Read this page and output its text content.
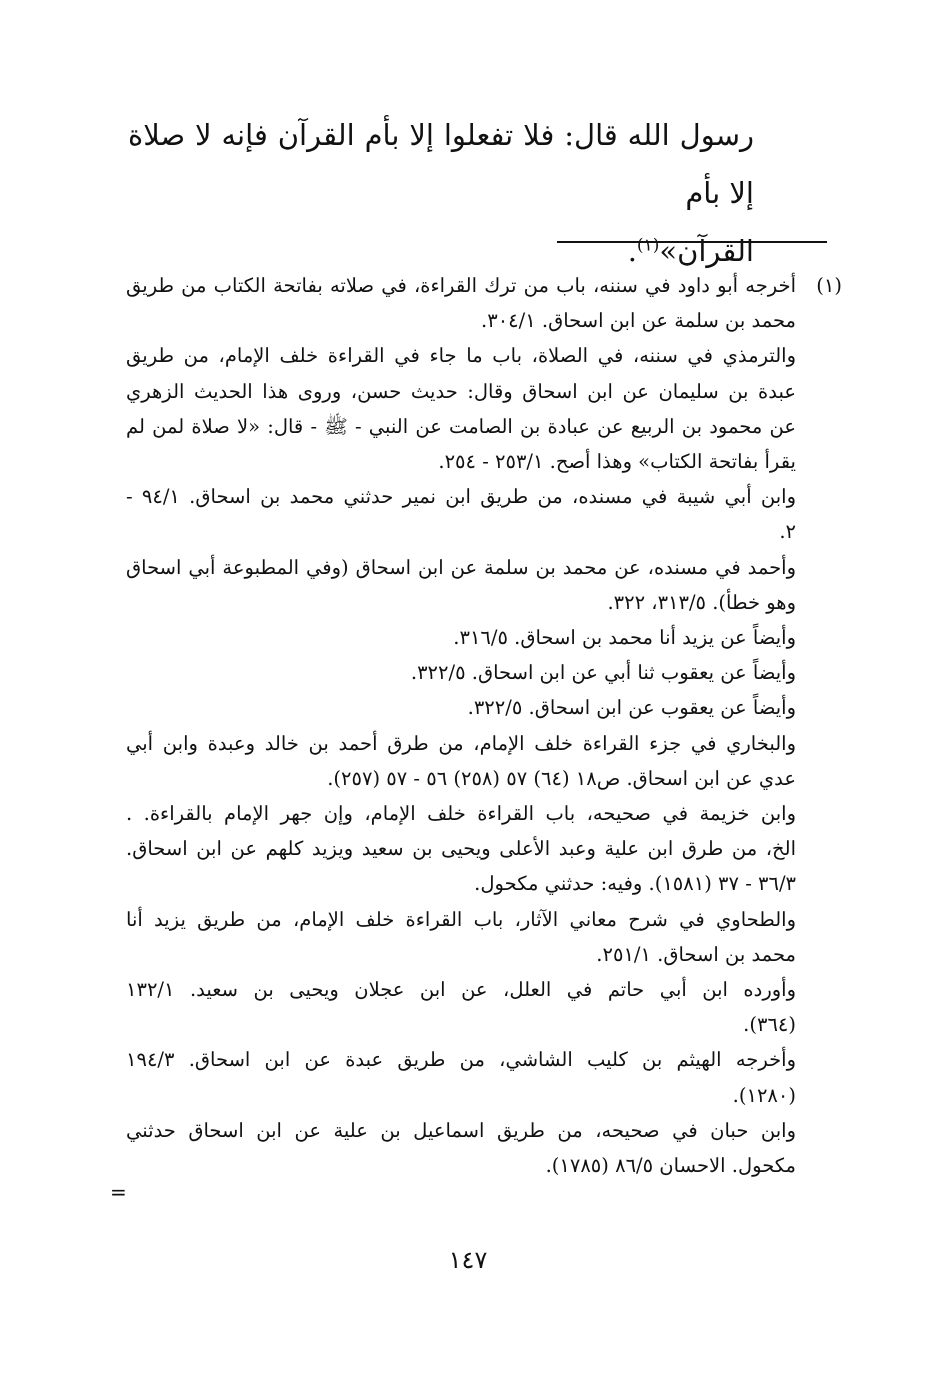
رسول الله قال: فلا تفعلوا إلا بأم القرآن فإنه لا صلاة إلا بأم
القرآن»$^{(١)}$.

(١)

أخرجه أبو داود في سننه، باب من ترك القراءة، في صلاته بفاتحة الكتاب من طريق
محمد بن سلمة عن ابن اسحاق. ٣٠٤/١.

والترمذي في سننه، في الصلاة، باب ما جاء في القراءة خلف الإمام، من طريق
عبدة بن سليمان عن ابن اسحاق وقال: حديث حسن، وروى هذا الحديث الزهري
عن محمود بن الربيع عن عبادة بن الصامت عن النبي - ﷺ - قال: «لا صلاة لمن لم
يقرأ بفاتحة الكتاب» وهذا أصح. ٢٥٣/١ - ٢٥٤.

وابن أبي شيبة في مسنده، من طريق ابن نمير حدثني محمد بن اسحاق. ٩٤/١ -
٢.

وأحمد في مسنده، عن محمد بن سلمة عن ابن اسحاق (وفي المطبوعة أبي اسحاق
وهو خطأ). ٣١٣/٥، ٣٢٢.

وأيضاً عن يزيد أنا محمد بن اسحاق. ٣١٦/٥.

وأيضاً عن يعقوب ثنا أبي عن ابن اسحاق. ٣٢٢/٥.

وأيضاً عن يعقوب عن ابن اسحاق. ٣٢٢/٥.

والبخاري في جزء القراءة خلف الإمام، من طرق أحمد بن خالد وعبدة وابن أبي
عدي عن ابن اسحاق. ص١٨ (٦٤) ٥٧ (٢٥٨) ٥٦ - ٥٧ (٢٥٧).

وابن خزيمة في صحيحه، باب القراءة خلف الإمام، وإن جهر الإمام بالقراءة. .
الخ، من طرق ابن علية وعبد الأعلى ويحيى بن سعيد ويزيد كلهم عن ابن اسحاق.
٣٦/٣ - ٣٧ (١٥٨١). وفيه: حدثني مكحول.

والطحاوي في شرح معاني الآثار، باب القراءة خلف الإمام، من طريق يزيد أنا
محمد بن اسحاق. ٢٥١/١.

وأورده ابن أبي حاتم في العلل، عن ابن عجلان ويحيى بن سعيد. ١٣٢/١
(٣٦٤).

وأخرجه الهيثم بن كليب الشاشي، من طريق عبدة عن ابن اسحاق. ١٩٤/٣
(١٢٨٠).

وابن حبان في صحيحه، من طريق اسماعيل بن علية عن ابن اسحاق حدثني
مكحول. الاحسان ٨٦/٥ (١٧٨٥).

=
١٤٧
